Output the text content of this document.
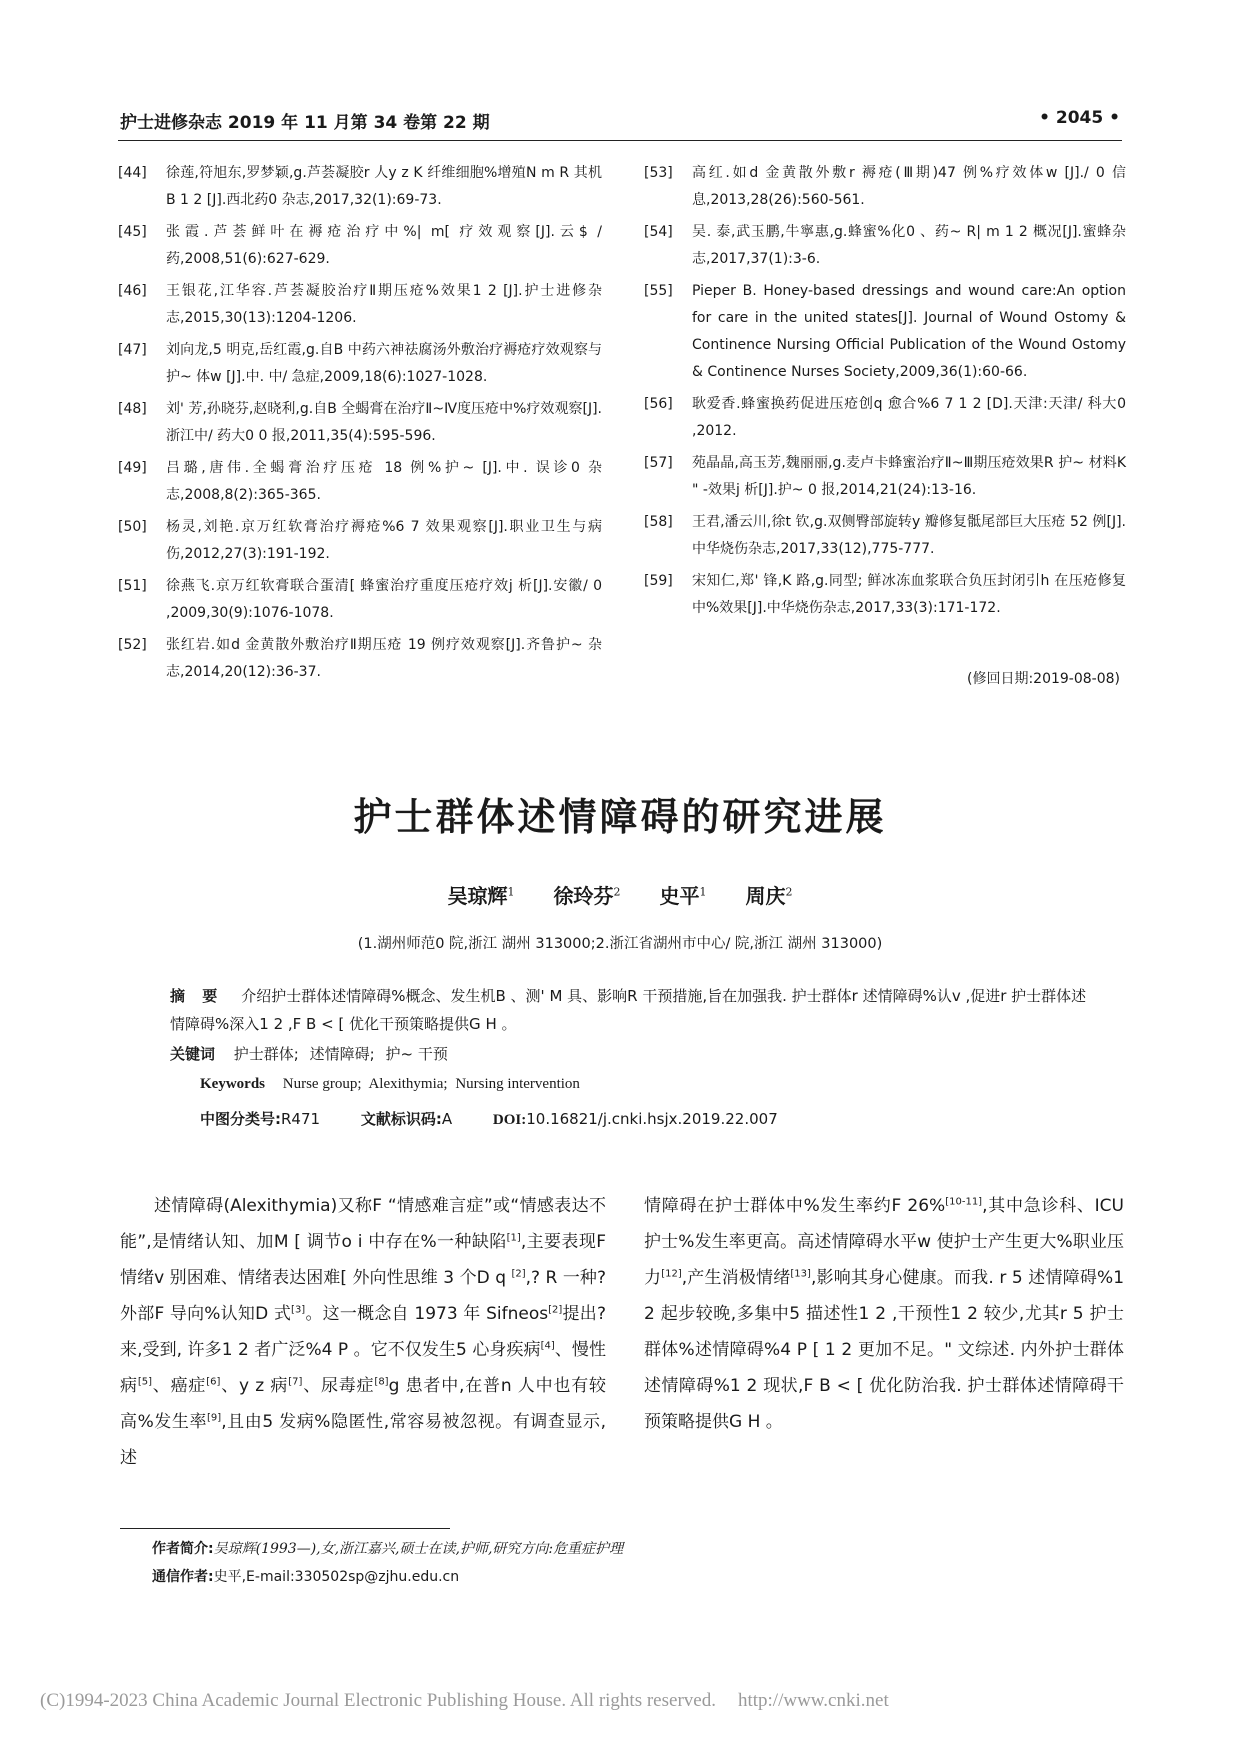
护士进修杂志 2019 年 11 月第 34 卷第 22 期	• 2045 •
[44] 徐莲,符旭东,罗梦颖,g.芦荟凝胶r 人y z K 纤维细胞%增殖N m R 其机B 1 2 [J].西北药0 杂志,2017,32(1):69-73.
[45] 张霞.芦荟鲜叶在褥疮治疗中%| m[ 疗效观察[J].云$ / 药,2008,51(6):627-629.
[46] 王银花,江华容.芦荟凝胶治疗Ⅱ期压疮%效果1 2 [J].护士进修杂志,2015,30(13):1204-1206.
[47] 刘向龙,5 明克,岳红霞,g.自B 中药六神祛腐汤外敷治疗褥疮疗效观察与护~ 体w [J].中. 中/ 急症,2009,18(6):1027-1028.
[48] 刘' 芳,孙晓芬,赵晓利,g.自B 全蝎膏在治疗Ⅱ~Ⅳ度压疮中%疗效观察[J].浙江中/ 药大0 0 报,2011,35(4):595-596.
[49] 吕璐,唐伟.全蝎膏治疗压疮 18 例%护~ [J].中. 误诊0 杂志,2008,8(2):365-365.
[50] 杨灵,刘艳.京万红软膏治疗褥疮%6 7 效果观察[J].职业卫生与病伤,2012,27(3):191-192.
[51] 徐燕飞.京万红软膏联合蛋清[ 蜂蜜治疗重度压疮疗效j 析[J].安徽/ 0 ,2009,30(9):1076-1078.
[52] 张红岩.如d 金黄散外敷治疗Ⅱ期压疮 19 例疗效观察[J].齐鲁护~ 杂志,2014,20(12):36-37.
[53] 高红.如d 金黄散外敷r 褥疮(Ⅲ期)47 例%疗效体w [J]./ 0 信息,2013,28(26):560-561.
[54] 吴. 泰,武玉鹏,牛寧惠,g.蜂蜜%化0 、药~ R| m 1 2 概况[J].蜜蜂杂志,2017,37(1):3-6.
[55] Pieper B. Honey-based dressings and wound care:An option for care in the united states[J]. Journal of Wound Ostomy & Continence Nursing Official Publication of the Wound Ostomy & Continence Nurses Society,2009,36(1):60-66.
[56] 耿爱香.蜂蜜换药促进压疮创q 愈合%6 7 1 2 [D].天津:天津/ 科大0 ,2012.
[57] 苑晶晶,高玉芳,魏丽丽,g.麦卢卡蜂蜜治疗Ⅱ~Ⅲ期压疮效果R 护~ 材料K " -效果j 析[J].护~ 0 报,2014,21(24):13-16.
[58] 王君,潘云川,徐t 钦,g.双侧臀部旋转y 瓣修复骶尾部巨大压疮 52 例[J].中华烧伤杂志,2017,33(12),775-777.
[59] 宋知仁,郑' 锋,K 路,g.同型; 鲜冰冻血浆联合负压封闭引h 在压疮修复中%效果[J].中华烧伤杂志,2017,33(3):171-172.
(修回日期:2019-08-08)
护士群体述情障碍的研究进展
吴琼辉$^1$ 徐玲芬$^2$ 史平$^1$ 周庆$^2$
(1.湖州师范0 院,浙江 湖州 313000;2.浙江省湖州市中心/ 院,浙江 湖州 313000)
摘 要 介绍护士群体述情障碍%概念、发生机B 、测' M 具、影响R 干预措施,旨在加强我. 护士群体r 述情障碍%认v ,促进r 护士群体述情障碍%深入1 2 ,F B < [ 优化干预策略提供G H 。
关键词 护士群体; 述情障碍; 护~ 干预
Keywords Nurse group; Alexithymia; Nursing intervention
中图分类号:R471	文献标识码:A	DOI:10.16821/j.cnki.hsjx.2019.22.007
述情障碍(Alexithymia)又称F “情感难言症”或“情感表达不能”,是情绪认知、加M [ 调节o i 中存在%一种缺陷[1],主要表现F 情绪v 别困难、情绪表达困难[ 外向性思维 3 个D q [2],? R 一种? 外部F 导向%认知D 式[3]。这一概念自 1973 年 Sifneos[2]提出? 来,受到, 许多1 2 者广泛%4 P 。它不仅发生5 心身疾病[4]、慢性病[5]、癌症[6]、y z 病[7]、尿毒症[8]g 患者中,在普n 人中也有较高%发生率[9],且由5 发病%隐匿性,常容易被忽视。有调查显示,述
情障碍在护士群体中%发生率约F 26%[10-11],其中急诊科、ICU 护士%发生率更高。高述情障碍水平w 使护士产生更大%职业压力[12],产生消极情绪[13],影响其身心健康。而我. r 5 述情障碍%1 2 起步较晚,多集中5 描述性1 2 ,干预性1 2 较少,尤其r 5 护士群体%述情障碍%4 P [ 1 2 更加不足。" 文综述. 内外护士群体述情障碍%1 2 现状,F B < [ 优化防治我. 护士群体述情障碍干预策略提供G H 。
作者简介:吴琼辉(1993—),女,浙江嘉兴,硕士在读,护师,研究方向:危重症护理
通信作者:史平,E-mail:330502sp@zjhu.edu.cn
(C)1994-2023 China Academic Journal Electronic Publishing House. All rights reserved. http://www.cnki.net
